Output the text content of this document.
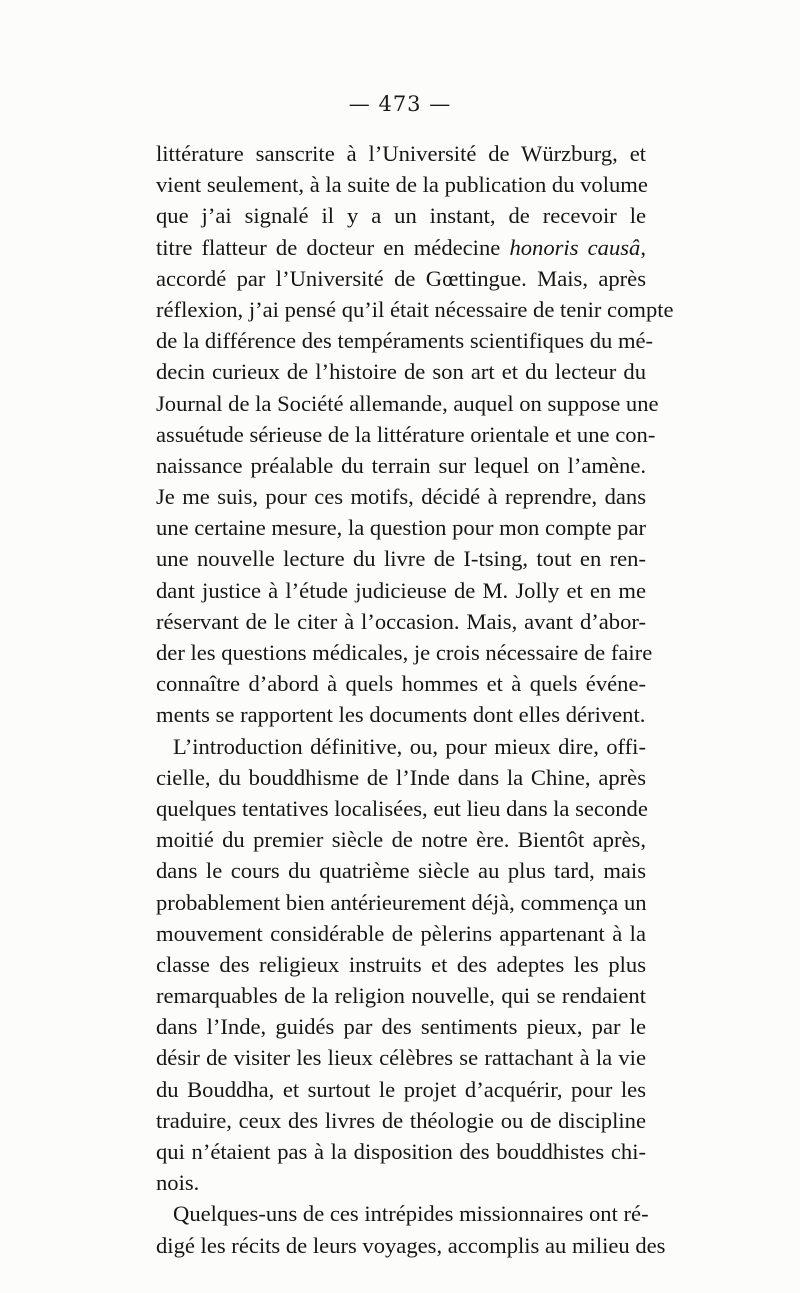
— 473 —
littérature sanscrite à l’Université de Würzburg, et
vient seulement, à la suite de la publication du volume
que j’ai signalé il y a un instant, de recevoir le
titre flatteur de docteur en médecine honoris causâ,
accordé par l’Université de Gœttingue. Mais, après
réflexion, j’ai pensé qu’il était nécessaire de tenir compte
de la différence des tempéraments scientifiques du mé-
decin curieux de l’histoire de son art et du lecteur du
Journal de la Société allemande, auquel on suppose une
assuétude sérieuse de la littérature orientale et une con-
naissance préalable du terrain sur lequel on l’amène.
Je me suis, pour ces motifs, décidé à reprendre, dans
une certaine mesure, la question pour mon compte par
une nouvelle lecture du livre de I-tsing, tout en ren-
dant justice à l’étude judicieuse de M. Jolly et en me
réservant de le citer à l’occasion. Mais, avant d’abor-
der les questions médicales, je crois nécessaire de faire
connaître d’abord à quels hommes et à quels événe-
ments se rapportent les documents dont elles dérivent.
L’introduction définitive, ou, pour mieux dire, offi-
cielle, du bouddhisme de l’Inde dans la Chine, après
quelques tentatives localisées, eut lieu dans la seconde
moitié du premier siècle de notre ère. Bientôt après,
dans le cours du quatrième siècle au plus tard, mais
probablement bien antérieurement déjà, commença un
mouvement considérable de pèlerins appartenant à la
classe des religieux instruits et des adeptes les plus
remarquables de la religion nouvelle, qui se rendaient
dans l’Inde, guidés par des sentiments pieux, par le
désir de visiter les lieux célèbres se rattachant à la vie
du Bouddha, et surtout le projet d’acquérir, pour les
traduire, ceux des livres de théologie ou de discipline
qui n’étaient pas à la disposition des bouddhistes chi-
nois.
Quelques-uns de ces intrépides missionnaires ont ré-
digé les récits de leurs voyages, accomplis au milieu des
